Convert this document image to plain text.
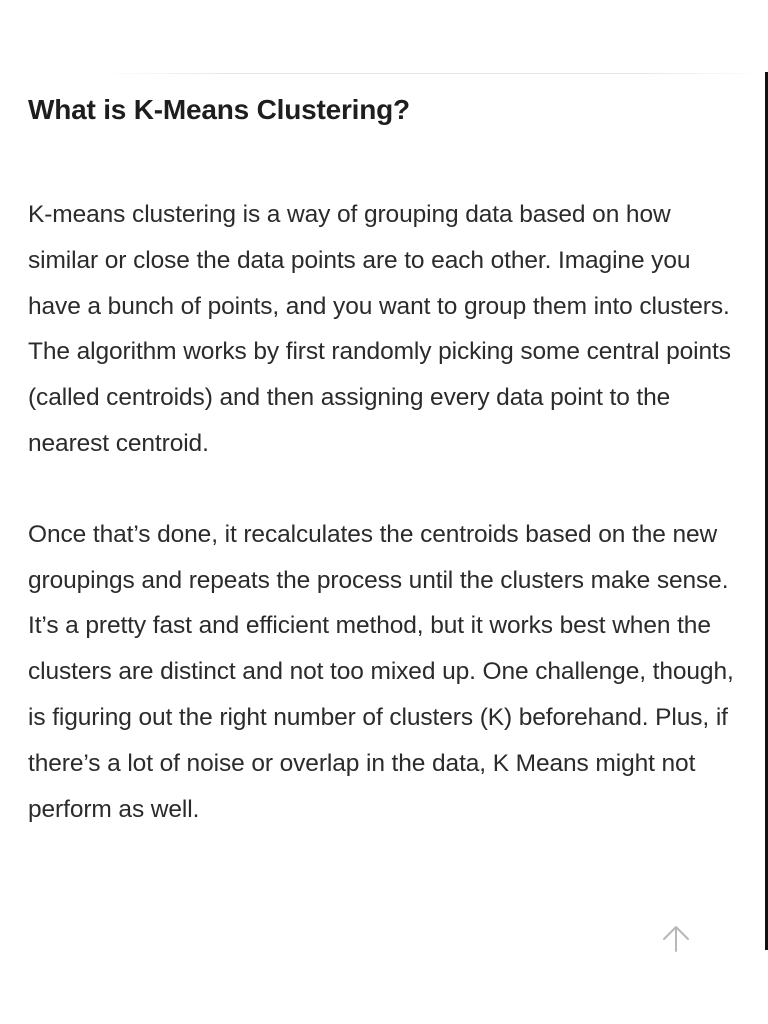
What is K-Means Clustering?

K-means clustering is a way of grouping data based on how similar or close the data points are to each other. Imagine you have a bunch of points, and you want to group them into clusters. The algorithm works by first randomly picking some central points (called centroids) and then assigning every data point to the nearest centroid.

Once that’s done, it recalculates the centroids based on the new groupings and repeats the process until the clusters make sense. It’s a pretty fast and efficient method, but it works best when the clusters are distinct and not too mixed up. One challenge, though, is figuring out the right number of clusters (K) beforehand. Plus, if there’s a lot of noise or overlap in the data, K Means might not perform as well.
